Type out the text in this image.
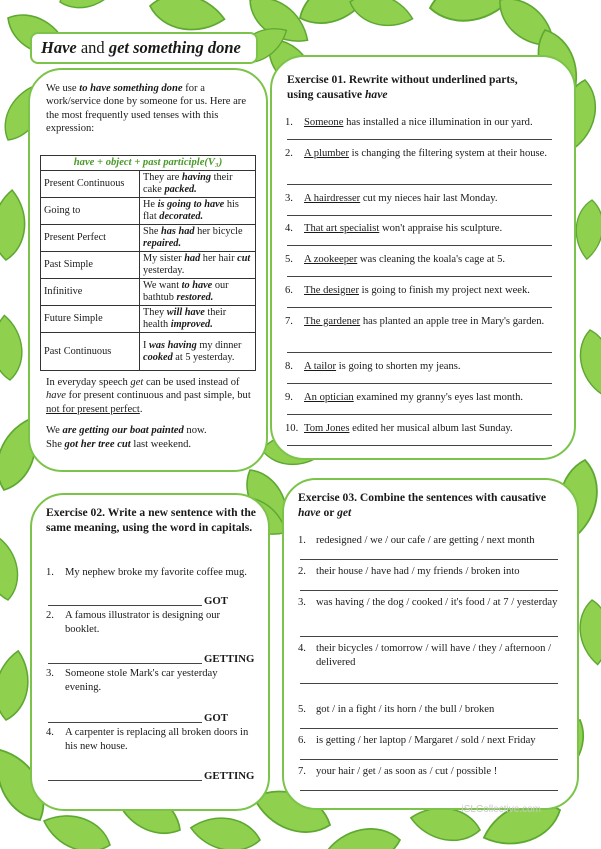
Have and get something done
We use to have something done for a work/service done by someone for us. Here are the most frequently used tenses with this expression:
have + object + past participle(V₃)	
Present Continuous	They are having their cake packed.
Going to	He is going to have his flat decorated.
Present Perfect	She has had her bicycle repaired.
Past Simple	My sister had her hair cut yesterday.
Infinitive	We want to have our bathtub restored.
Future Simple	They will have their health improved.
Past Continuous	I was having my dinner cooked at 5 yesterday.
In everyday speech get can be used instead of have for present continuous and past simple, but not for present perfect.
We are getting our boat painted now.
She got her tree cut last weekend.
Exercise 01. Rewrite without underlined parts,
using causative have
1. Someone has installed a nice illumination in our yard.
2. A plumber is changing the filtering system at their house.
3. A hairdresser cut my nieces hair last Monday.
4. That art specialist won't appraise his sculpture.
5. A zookeeper was cleaning the koala's cage at 5.
6. The designer is going to finish my project next week.
7. The gardener has planted an apple tree in Mary's garden.
8. A tailor is going to shorten my jeans.
9. An optician examined my granny's eyes last month.
10. Tom Jones edited her musical album last Sunday.
Exercise 02. Write a new sentence with the same meaning, using the word in capitals.
1. My nephew broke my favorite coffee mug.
GOT
2. A famous illustrator is designing our booklet.
GETTING
3. Someone stole Mark's car yesterday evening.
GOT
4. A carpenter is replacing all broken doors in his new house.
GETTING
Exercise 03. Combine the sentences with causative
have or get
1. redesigned / we / our cafe / are getting / next month
2. their house / have had / my friends / broken into
3. was having / the dog / cooked / it's food / at 7 / yesterday
4. their bicycles / tomorrow / will have / they / afternoon / delivered
5. got / in a fight / its horn / the bull / broken
6. is getting / her laptop / Margaret / sold / next Friday
7. your hair / get / as soon as / cut / possible !
iSLCollective.com
